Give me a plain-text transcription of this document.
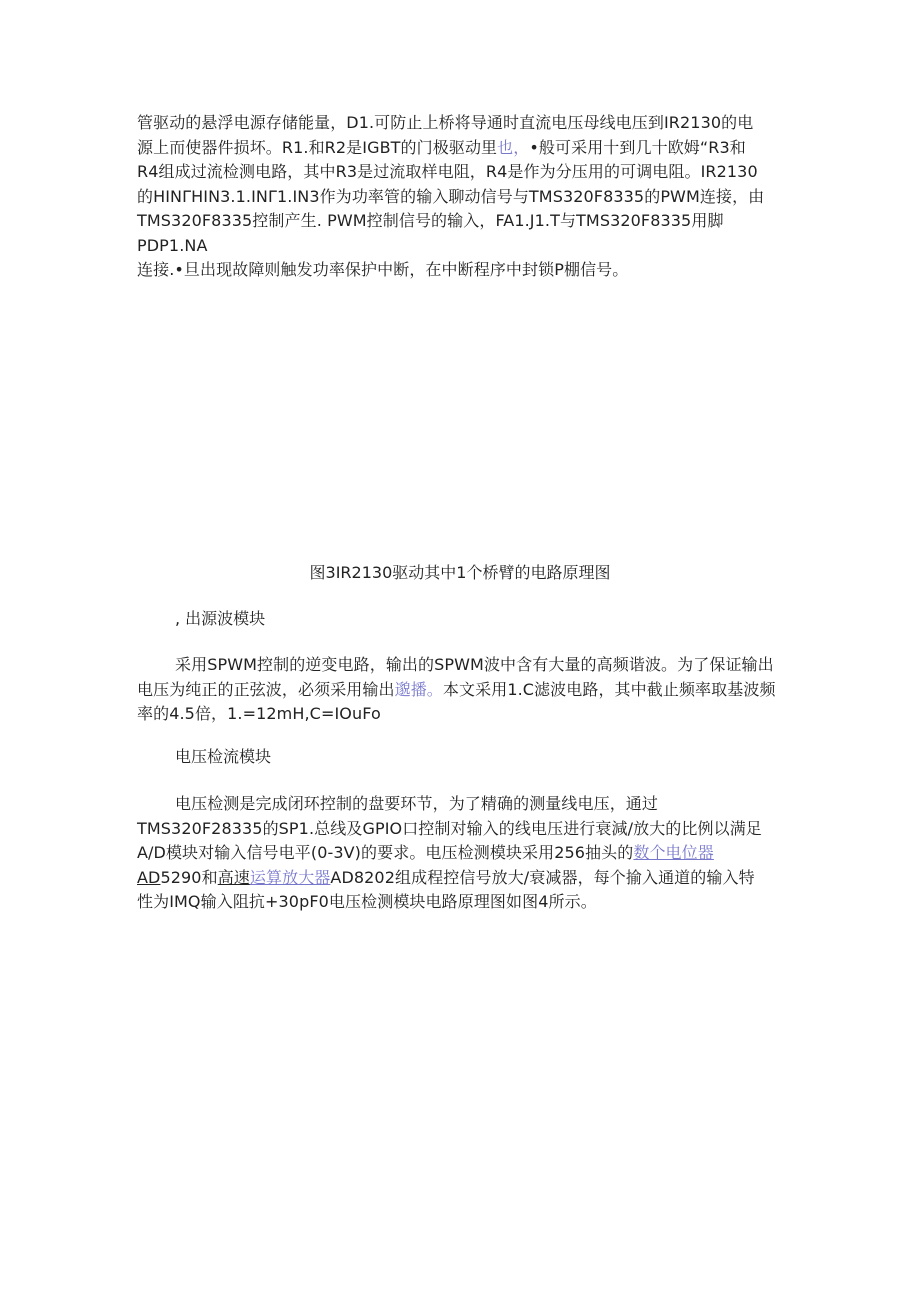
管驱动的悬浮电源存储能量，D1.可防止上桥将导通时直流电压母线电压到IR2130的电
源上而使器件损坏。R1.和R2是IGBT的门极驱动里也，•般可采用十到几十欧姆“R3和
R4组成过流检测电路，其中R3是过流取样电阻，R4是作为分压用的可调电阻。IR2130
的HINΓHIN3.1.INΓ1.IN3作为功率管的输入聊动信号与TMS320F8335的PWM连接，由
TMS320F8335控制产生. PWM控制信号的输入，FA1.J1.T与TMS320F8335用脚PDP1.NA
连接.•旦出现故障则触发功率保护中断，在中断程序中封锁P棚信号。

图3IR2130驱动其中1个桥臂的电路原理图

, 出源波模块

采用SPWM控制的逆变电路，输出的SPWM波中含有大量的高频谐波。为了保证输出电压为纯正的正弦波，必须采用输出邈播。本文采用1.C滤波电路，其中截止频率取基波频率的4.5倍，1.=12mH,C=IOuFo

电压检流模块

电压检测是完成闭环控制的盘要环节，为了精确的测量线电压，通过
TMS320F28335的SP1.总线及GPIO口控制对输入的线电压进行衰減/放大的比例以满足
A/D模块对输入信号电平(0-3V)的要求。电压检测模块采用256抽头的数个电位器
AD5290和高速运算放大器AD8202组成程控信号放大/衰减器，每个揄入通道的输入特
性为IMQ输入阻抗+30pF0电压检测模块电路原理图如图4所示。
